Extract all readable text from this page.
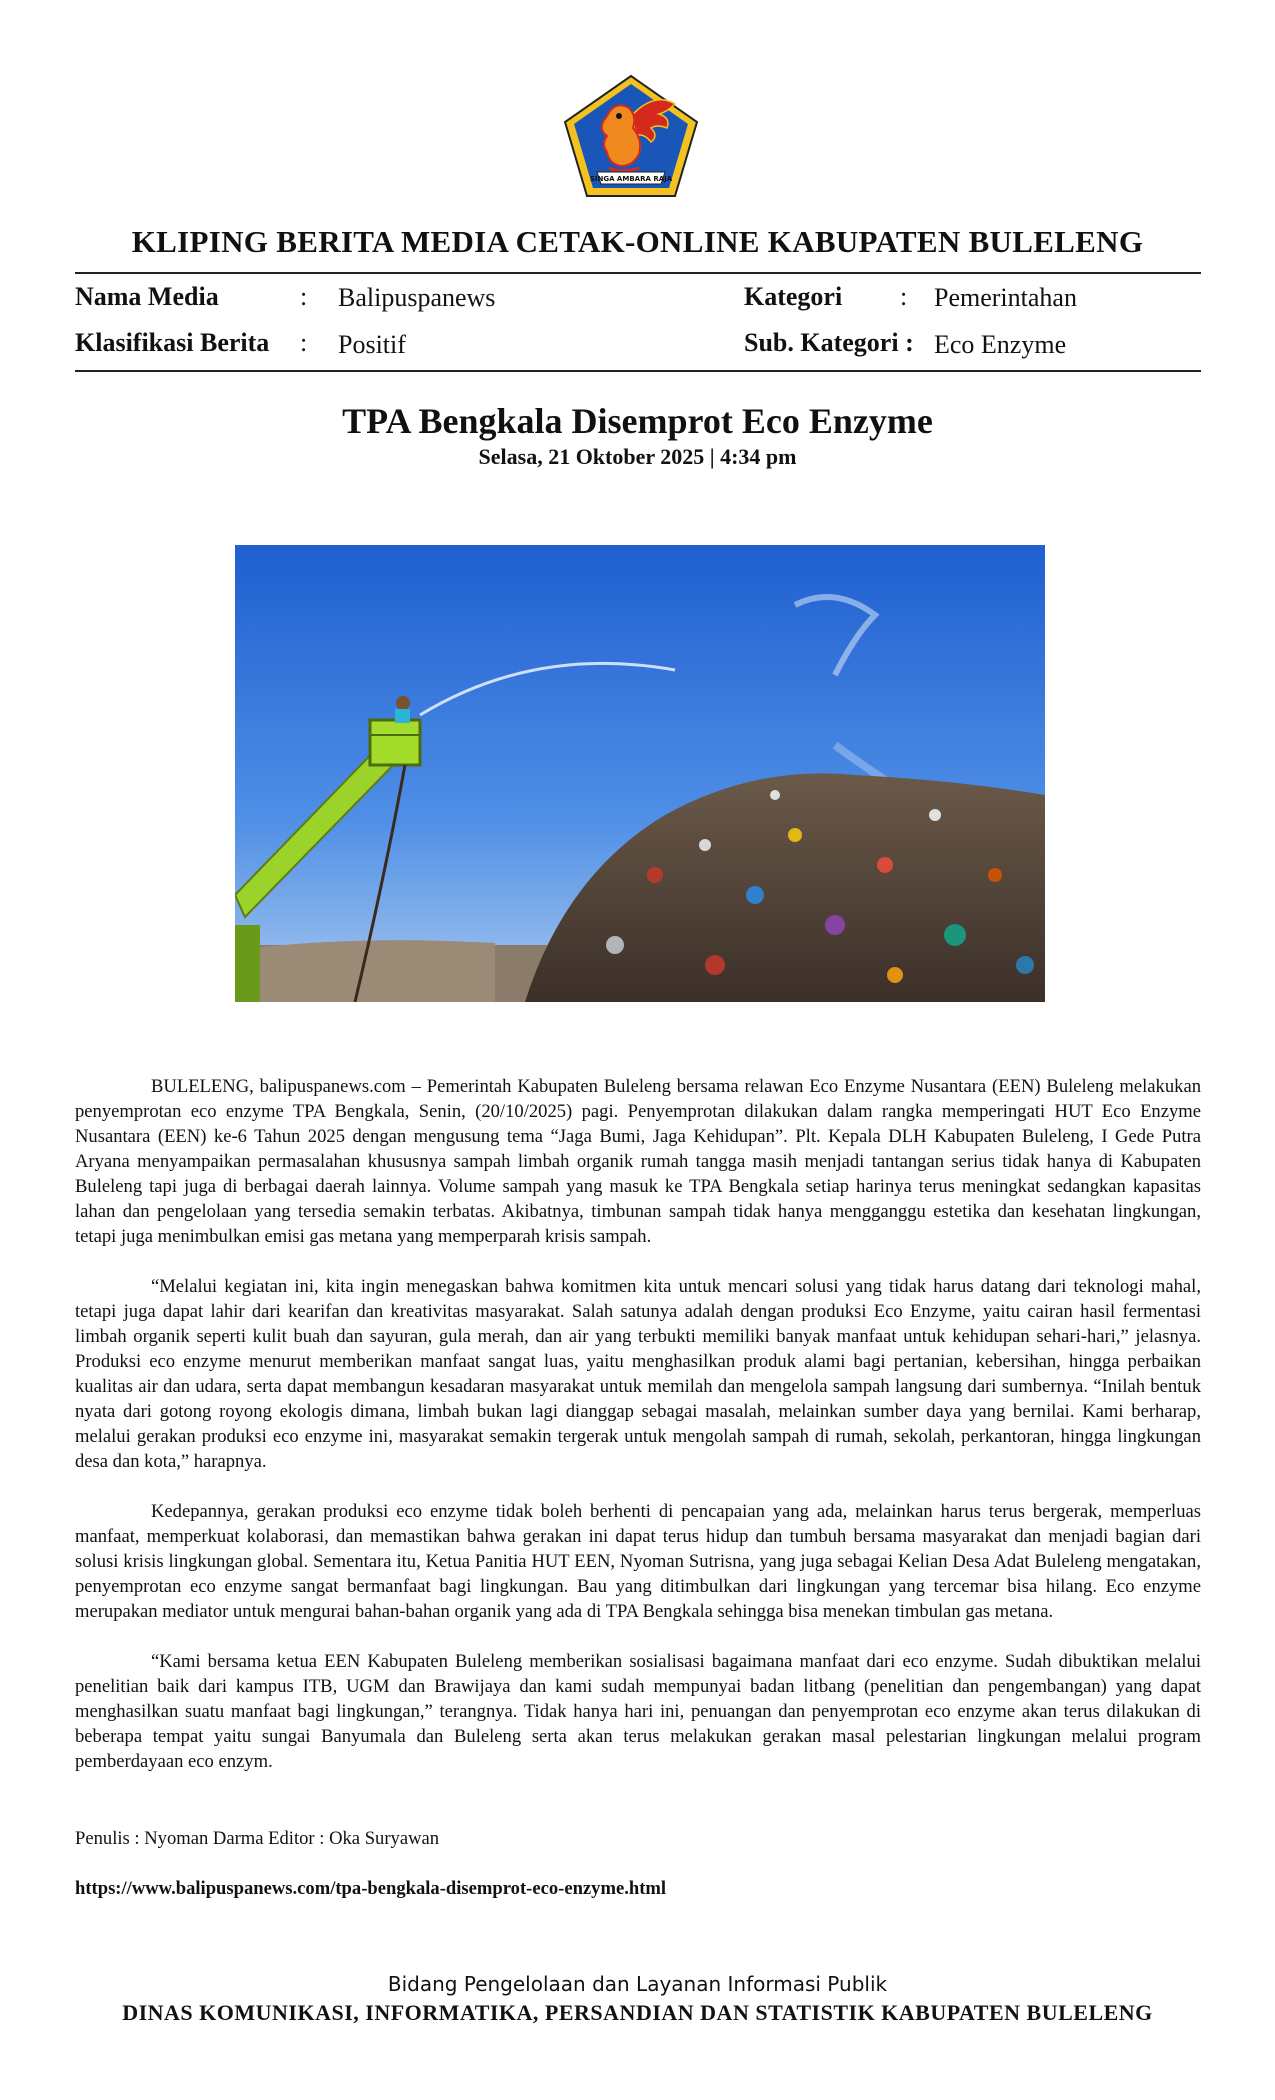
SINGA AMBARA RAJA
KLIPING BERITA MEDIA CETAK-ONLINE KABUPATEN BULELENG
Nama Media	: Balipuspanews
Klasifikasi Berita : Positif
Kategori : Pemerintahan
Sub. Kategori : Eco Enzyme
TPA Bengkala Disemprot Eco Enzyme
Selasa, 21 Oktober 2025 | 4:34 pm

BULELENG, balipuspanews.com – Pemerintah Kabupaten Buleleng bersama relawan Eco Enzyme Nusantara (EEN) Buleleng melakukan penyemprotan eco enzyme TPA Bengkala, Senin, (20/10/2025) pagi. Penyemprotan dilakukan dalam rangka memperingati HUT Eco Enzyme Nusantara (EEN) ke-6 Tahun 2025 dengan mengusung tema “Jaga Bumi, Jaga Kehidupan”. Plt. Kepala DLH Kabupaten Buleleng, I Gede Putra Aryana menyampaikan permasalahan khususnya sampah limbah organik rumah tangga masih menjadi tantangan serius tidak hanya di Kabupaten Buleleng tapi juga di berbagai daerah lainnya. Volume sampah yang masuk ke TPA Bengkala setiap harinya terus meningkat sedangkan kapasitas lahan dan pengelolaan yang tersedia semakin terbatas. Akibatnya, timbunan sampah tidak hanya mengganggu estetika dan kesehatan lingkungan, tetapi juga menimbulkan emisi gas metana yang memperparah krisis sampah.

“Melalui kegiatan ini, kita ingin menegaskan bahwa komitmen kita untuk mencari solusi yang tidak harus datang dari teknologi mahal, tetapi juga dapat lahir dari kearifan dan kreativitas masyarakat. Salah satunya adalah dengan produksi Eco Enzyme, yaitu cairan hasil fermentasi limbah organik seperti kulit buah dan sayuran, gula merah, dan air yang terbukti memiliki banyak manfaat untuk kehidupan sehari-hari,” jelasnya. Produksi eco enzyme menurut memberikan manfaat sangat luas, yaitu menghasilkan produk alami bagi pertanian, kebersihan, hingga perbaikan kualitas air dan udara, serta dapat membangun kesadaran masyarakat untuk memilah dan mengelola sampah langsung dari sumbernya. “Inilah bentuk nyata dari gotong royong ekologis dimana, limbah bukan lagi dianggap sebagai masalah, melainkan sumber daya yang bernilai. Kami berharap, melalui gerakan produksi eco enzyme ini, masyarakat semakin tergerak untuk mengolah sampah di rumah, sekolah, perkantoran, hingga lingkungan desa dan kota,” harapnya.

Kedepannya, gerakan produksi eco enzyme tidak boleh berhenti di pencapaian yang ada, melainkan harus terus bergerak, memperluas manfaat, memperkuat kolaborasi, dan memastikan bahwa gerakan ini dapat terus hidup dan tumbuh bersama masyarakat dan menjadi bagian dari solusi krisis lingkungan global. Sementara itu, Ketua Panitia HUT EEN, Nyoman Sutrisna, yang juga sebagai Kelian Desa Adat Buleleng mengatakan, penyemprotan eco enzyme sangat bermanfaat bagi lingkungan. Bau yang ditimbulkan dari lingkungan yang tercemar bisa hilang. Eco enzyme merupakan mediator untuk mengurai bahan-bahan organik yang ada di TPA Bengkala sehingga bisa menekan timbulan gas metana.

“Kami bersama ketua EEN Kabupaten Buleleng memberikan sosialisasi bagaimana manfaat dari eco enzyme. Sudah dibuktikan melalui penelitian baik dari kampus ITB, UGM dan Brawijaya dan kami sudah mempunyai badan litbang (penelitian dan pengembangan) yang dapat menghasilkan suatu manfaat bagi lingkungan,” terangnya. Tidak hanya hari ini, penuangan dan penyemprotan eco enzyme akan terus dilakukan di beberapa tempat yaitu sungai Banyumala dan Buleleng serta akan terus melakukan gerakan masal pelestarian lingkungan melalui program pemberdayaan eco enzym.

Penulis : Nyoman Darma Editor : Oka Suryawan
https://www.balipuspanews.com/tpa-bengkala-disemprot-eco-enzyme.html
Bidang Pengelolaan dan Layanan Informasi Publik
DINAS KOMUNIKASI, INFORMATIKA, PERSANDIAN DAN STATISTIK KABUPATEN BULELENG
